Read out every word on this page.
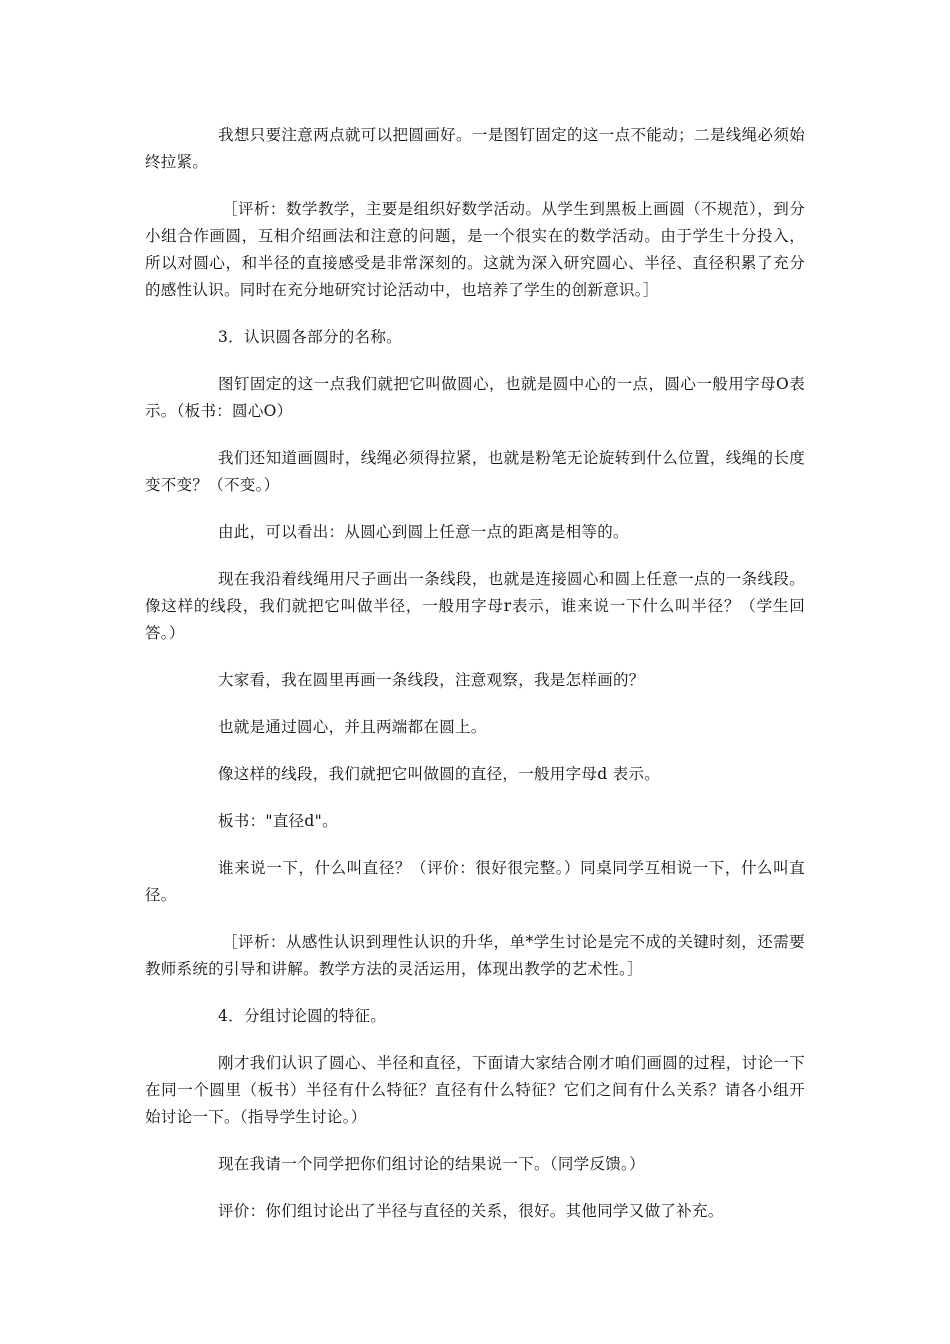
我想只要注意两点就可以把圆画好。一是图钉固定的这一点不能动；二是线绳必须始终拉紧。

［评析：数学教学，主要是组织好数学活动。从学生到黑板上画圆（不规范），到分小组合作画圆，互相介绍画法和注意的问题，是一个很实在的数学活动。由于学生十分投入，所以对圆心，和半径的直接感受是非常深刻的。这就为深入研究圆心、半径、直径积累了充分的感性认识。同时在充分地研究讨论活动中，也培养了学生的创新意识。］

3．认识圆各部分的名称。

图钉固定的这一点我们就把它叫做圆心，也就是圆中心的一点，圆心一般用字母O表示。（板书：圆心O）

我们还知道画圆时，线绳必须得拉紧，也就是粉笔无论旋转到什么位置，线绳的长度变不变？（不变。）

由此，可以看出：从圆心到圆上任意一点的距离是相等的。

现在我沿着线绳用尺子画出一条线段，也就是连接圆心和圆上任意一点的一条线段。像这样的线段，我们就把它叫做半径，一般用字母r表示，谁来说一下什么叫半径？（学生回答。）

大家看，我在圆里再画一条线段，注意观察，我是怎样画的？

也就是通过圆心，并且两端都在圆上。

像这样的线段，我们就把它叫做圆的直径，一般用字母d 表示。

板书："直径d"。

谁来说一下，什么叫直径？（评价：很好很完整。）同桌同学互相说一下，什么叫直径。

［评析：从感性认识到理性认识的升华，单*学生讨论是完不成的关键时刻，还需要教师系统的引导和讲解。教学方法的灵活运用，体现出教学的艺术性。］

4．分组讨论圆的特征。

刚才我们认识了圆心、半径和直径，下面请大家结合刚才咱们画圆的过程，讨论一下在同一个圆里（板书）半径有什么特征？直径有什么特征？它们之间有什么关系？请各小组开始讨论一下。（指导学生讨论。）

现在我请一个同学把你们组讨论的结果说一下。（同学反馈。）

评价：你们组讨论出了半径与直径的关系，很好。其他同学又做了补充。
